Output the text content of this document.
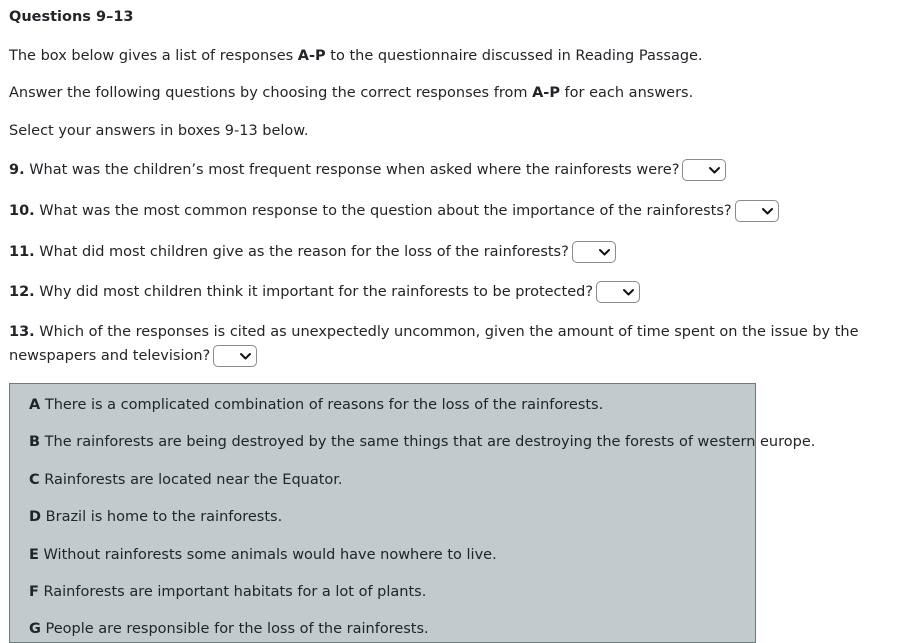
Questions 9–13
The box below gives a list of responses A-P to the questionnaire discussed in Reading Passage.
Answer the following questions by choosing the correct responses from A-P for each answers.
Select your answers in boxes 9-13 below.
9. What was the children’s most frequent response when asked where the rainforests were?
10. What was the most common response to the question about the importance of the rainforests?
11. What did most children give as the reason for the loss of the rainforests?
12. Why did most children think it important for the rainforests to be protected?
13. Which of the responses is cited as unexpectedly uncommon, given the amount of time spent on the issue by the newspapers and television?
A There is a complicated combination of reasons for the loss of the rainforests.
B The rainforests are being destroyed by the same things that are destroying the forests of western europe.
C Rainforests are located near the Equator.
D Brazil is home to the rainforests.
E Without rainforests some animals would have nowhere to live.
F Rainforests are important habitats for a lot of plants.
G People are responsible for the loss of the rainforests.
